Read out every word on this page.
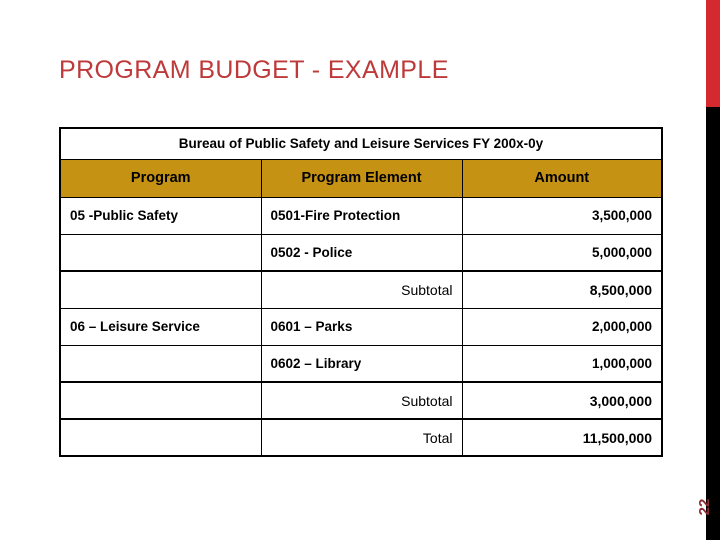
22
PROGRAM BUDGET - EXAMPLE
Bureau of Public Safety and Leisure Services FY 200x-0y		
Program	Program Element	Amount
05 -Public Safety	0501-Fire Protection	3,500,000
	0502 - Police	5,000,000
	Subtotal	8,500,000
06 – Leisure Service	0601 – Parks	2,000,000
	0602 – Library	1,000,000
	Subtotal	3,000,000
	Total	11,500,000
